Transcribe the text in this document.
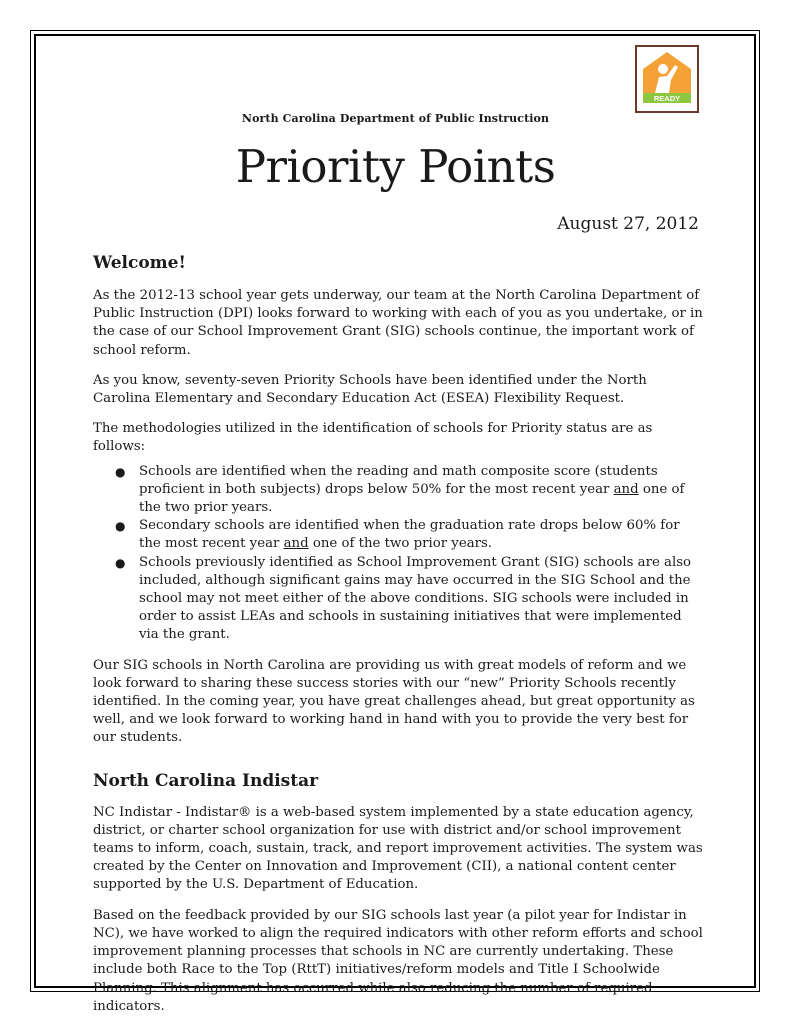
READY
North Carolina Department of Public Instruction
Priority Points
August 27, 2012
Welcome!

As the 2012-13 school year gets underway, our team at the North Carolina Department of Public Instruction (DPI) looks forward to working with each of you as you undertake, or in the case of our School Improvement Grant (SIG) schools continue, the important work of school reform.

As you know, seventy-seven Priority Schools have been identified under the North Carolina Elementary and Secondary Education Act (ESEA) Flexibility Request.

The methodologies utilized in the identification of schools for Priority status are as follows:

● Schools are identified when the reading and math composite score (students proficient in both subjects) drops below 50% for the most recent year and one of the two prior years.
● Secondary schools are identified when the graduation rate drops below 60% for the most recent year and one of the two prior years.
● Schools previously identified as School Improvement Grant (SIG) schools are also included, although significant gains may have occurred in the SIG School and the school may not meet either of the above conditions. SIG schools were included in order to assist LEAs and schools in sustaining initiatives that were implemented via the grant.

Our SIG schools in North Carolina are providing us with great models of reform and we look forward to sharing these success stories with our “new” Priority Schools recently identified. In the coming year, you have great challenges ahead, but great opportunity as well, and we look forward to working hand in hand with you to provide the very best for our students.

North Carolina Indistar

NC Indistar - Indistar® is a web-based system implemented by a state education agency, district, or charter school organization for use with district and/or school improvement teams to inform, coach, sustain, track, and report improvement activities. The system was created by the Center on Innovation and Improvement (CII), a national content center supported by the U.S. Department of Education.

Based on the feedback provided by our SIG schools last year (a pilot year for Indistar in NC), we have worked to align the required indicators with other reform efforts and school improvement planning processes that schools in NC are currently undertaking. These include both Race to the Top (RttT) initiatives/reform models and Title I Schoolwide Planning. This alignment has occurred while also reducing the number of required indicators.
